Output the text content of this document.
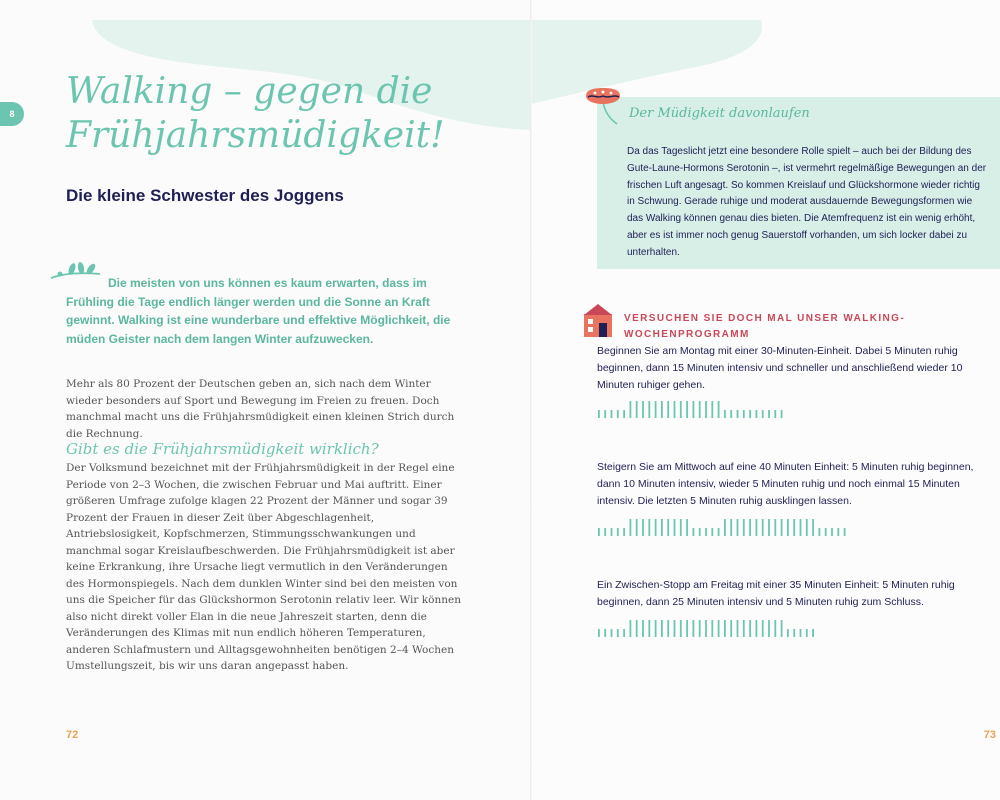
8
Walking – gegen die
Frühjahrsmüdigkeit!
Die kleine Schwester des Joggens

Die meisten von uns können es kaum erwarten, dass im Frühling die Tage endlich länger werden und die Sonne an Kraft gewinnt. Walking ist eine wunderbare und effektive Möglichkeit, die müden Geister nach dem langen Winter aufzuwecken.

Mehr als 80 Prozent der Deutschen geben an, sich nach dem Winter wieder besonders auf Sport und Bewegung im Freien zu freuen. Doch manchmal macht uns die Frühjahrsmüdigkeit einen kleinen Strich durch die Rechnung.

Gibt es die Frühjahrsmüdigkeit wirklich?

Der Volksmund bezeichnet mit der Frühjahrsmüdigkeit in der Regel eine Periode von 2–3 Wochen, die zwischen Februar und Mai auftritt. Einer größeren Umfrage zufolge klagen 22 Prozent der Männer und sogar 39 Prozent der Frauen in dieser Zeit über Abgeschlagenheit, Antriebslosigkeit, Kopfschmerzen, Stimmungsschwankungen und manchmal sogar Kreislaufbeschwerden. Die Frühjahrsmüdigkeit ist aber keine Erkrankung, ihre Ursache liegt vermutlich in den Veränderungen des Hormonspiegels. Nach dem dunklen Winter sind bei den meisten von uns die Speicher für das Glückshormon Serotonin relativ leer. Wir können also nicht direkt voller Elan in die neue Jahreszeit starten, denn die Veränderungen des Klimas mit nun endlich höheren Temperaturen, anderen Schlafmustern und Alltagsgewohnheiten benötigen 2–4 Wochen Umstellungszeit, bis wir uns daran angepasst haben.

72
Der Müdigkeit davonlaufen

Da das Tageslicht jetzt eine besondere Rolle spielt – auch bei der Bildung des Gute-Laune-Hormons Serotonin –, ist vermehrt regelmäßige Bewegungen an der frischen Luft angesagt. So kommen Kreislauf und Glückshormone wieder richtig in Schwung. Gerade ruhige und moderat ausdauernde Bewegungsformen wie das Walking können genau dies bieten. Die Atemfrequenz ist ein wenig erhöht, aber es ist immer noch genug Sauerstoff vorhanden, um sich locker dabei zu unterhalten.

VERSUCHEN SIE DOCH MAL UNSER WALKING-WOCHENPROGRAMM

Beginnen Sie am Montag mit einer 30-Minuten-Einheit. Dabei 5 Minuten ruhig beginnen, dann 15 Minuten intensiv und schneller und anschließend wieder 10 Minuten ruhiger gehen.

Steigern Sie am Mittwoch auf eine 40 Minuten Einheit: 5 Minuten ruhig beginnen, dann 10 Minuten intensiv, wieder 5 Minuten ruhig und noch einmal 15 Minuten intensiv. Die letzten 5 Minuten ruhig ausklingen lassen.

Ein Zwischen-Stopp am Freitag mit einer 35 Minuten Einheit: 5 Minuten ruhig beginnen, dann 25 Minuten intensiv und 5 Minuten ruhig zum Schluss.

73
